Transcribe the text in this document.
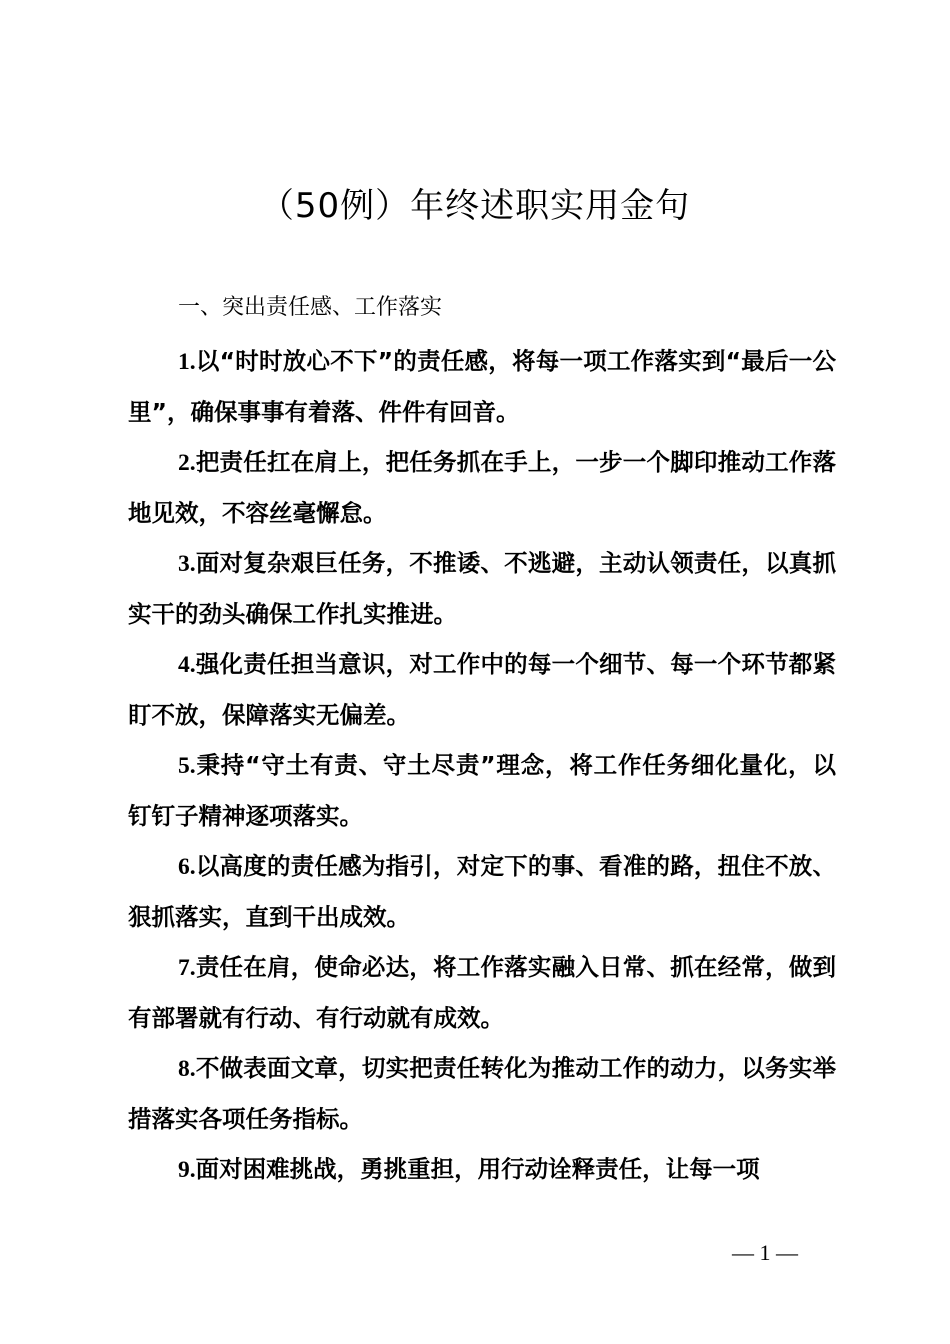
（50例）年终述职实用金句

一、突出责任感、工作落实

1.以“时时放心不下”的责任感，将每一项工作落实到“最后一公里”，确保事事有着落、件件有回音。

2.把责任扛在肩上，把任务抓在手上，一步一个脚印推动工作落地见效，不容丝毫懈怠。

3.面对复杂艰巨任务，不推诿、不逃避，主动认领责任，以真抓实干的劲头确保工作扎实推进。

4.强化责任担当意识，对工作中的每一个细节、每一个环节都紧盯不放，保障落实无偏差。

5.秉持“守土有责、守土尽责”理念，将工作任务细化量化，以钉钉子精神逐项落实。

6.以高度的责任感为指引，对定下的事、看准的路，扭住不放、狠抓落实，直到干出成效。

7.责任在肩，使命必达，将工作落实融入日常、抓在经常，做到有部署就有行动、有行动就有成效。

8.不做表面文章，切实把责任转化为推动工作的动力，以务实举措落实各项任务指标。

9.面对困难挑战，勇挑重担，用行动诠释责任，让每一项

— 1 —
